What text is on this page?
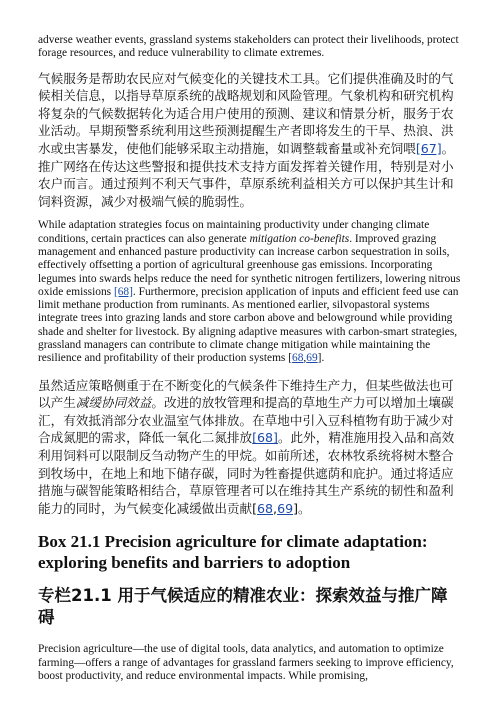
adverse weather events, grassland systems stakeholders can protect their livelihoods, protect forage resources, and reduce vulnerability to climate extremes.

气候服务是帮助农民应对气候变化的关键技术工具。它们提供准确及时的气候相关信息，以指导草原系统的战略规划和风险管理。气象机构和研究机构将复杂的气候数据转化为适合用户使用的预测、建议和情景分析，服务于农业活动。早期预警系统利用这些预测提醒生产者即将发生的干旱、热浪、洪水或虫害暴发，使他们能够采取主动措施，如调整载畜量或补充饲喂[67]。推广网络在传达这些警报和提供技术支持方面发挥着关键作用，特别是对小农户而言。通过预判不利天气事件，草原系统利益相关方可以保护其生计和饲料资源，减少对极端气候的脆弱性。

While adaptation strategies focus on maintaining productivity under changing climate conditions, certain practices can also generate mitigation co-benefits. Improved grazing management and enhanced pasture productivity can increase carbon sequestration in soils, effectively offsetting a portion of agricultural greenhouse gas emissions. Incorporating legumes into swards helps reduce the need for synthetic nitrogen fertilizers, lowering nitrous oxide emissions [68]. Furthermore, precision application of inputs and efficient feed use can limit methane production from ruminants. As mentioned earlier, silvopastoral systems integrate trees into grazing lands and store carbon above and belowground while providing shade and shelter for livestock. By aligning adaptive measures with carbon-smart strategies, grassland managers can contribute to climate change mitigation while maintaining the resilience and profitability of their production systems [68,69].

虽然适应策略侧重于在不断变化的气候条件下维持生产力，但某些做法也可以产生减缓协同效益。改进的放牧管理和提高的草地生产力可以增加土壤碳汇，有效抵消部分农业温室气体排放。在草地中引入豆科植物有助于减少对合成氮肥的需求，降低一氧化二氮排放[68]。此外，精准施用投入品和高效利用饲料可以限制反刍动物产生的甲烷。如前所述，农林牧系统将树木整合到牧场中，在地上和地下储存碳，同时为牲畜提供遮荫和庇护。通过将适应措施与碳智能策略相结合，草原管理者可以在维持其生产系统的韧性和盈利能力的同时，为气候变化减缓做出贡献[68,69]。

Box 21.1 Precision agriculture for climate adaptation: exploring benefits and barriers to adoption
专栏21.1 用于气候适应的精准农业：探索效益与推广障碍

Precision agriculture—the use of digital tools, data analytics, and automation to optimize farming—offers a range of advantages for grassland farmers seeking to improve efficiency, boost productivity, and reduce environmental impacts. While promising,
